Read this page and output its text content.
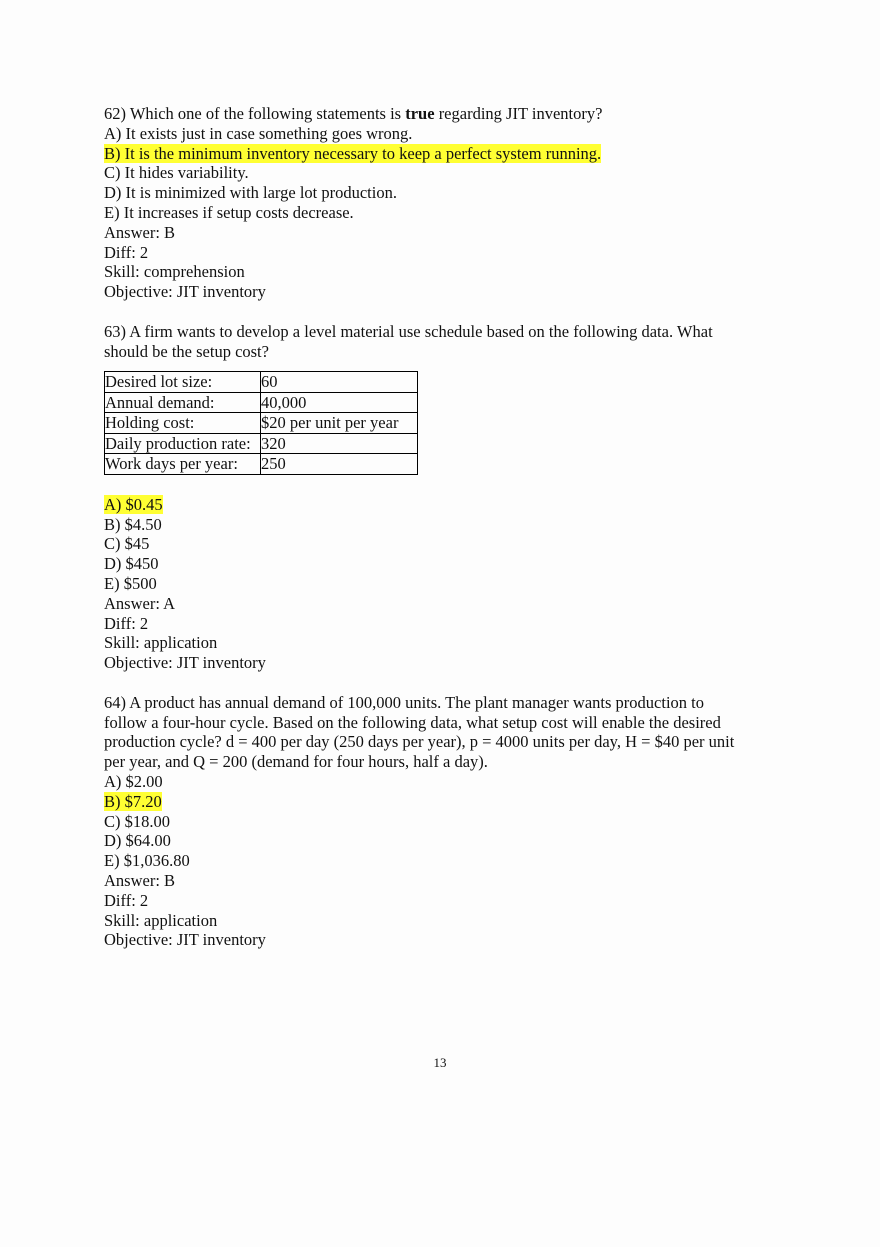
62) Which one of the following statements is true regarding JIT inventory?
A) It exists just in case something goes wrong.
B) It is the minimum inventory necessary to keep a perfect system running.
C) It hides variability.
D) It is minimized with large lot production.
E) It increases if setup costs decrease.
Answer: B
Diff: 2
Skill: comprehension
Objective: JIT inventory
63) A firm wants to develop a level material use schedule based on the following data. What
should be the setup cost?
Desired lot size:	60
Annual demand:	40,000
Holding cost:	$20 per unit per year
Daily production rate:	320
Work days per year:	250
A) $0.45
B) $4.50
C) $45
D) $450
E) $500
Answer: A
Diff: 2
Skill: application
Objective: JIT inventory
64) A product has annual demand of 100,000 units. The plant manager wants production to
follow a four-hour cycle. Based on the following data, what setup cost will enable the desired
production cycle? d = 400 per day (250 days per year), p = 4000 units per day, H = $40 per unit
per year, and Q = 200 (demand for four hours, half a day).
A) $2.00
B) $7.20
C) $18.00
D) $64.00
E) $1,036.80
Answer: B
Diff: 2
Skill: application
Objective: JIT inventory
13
